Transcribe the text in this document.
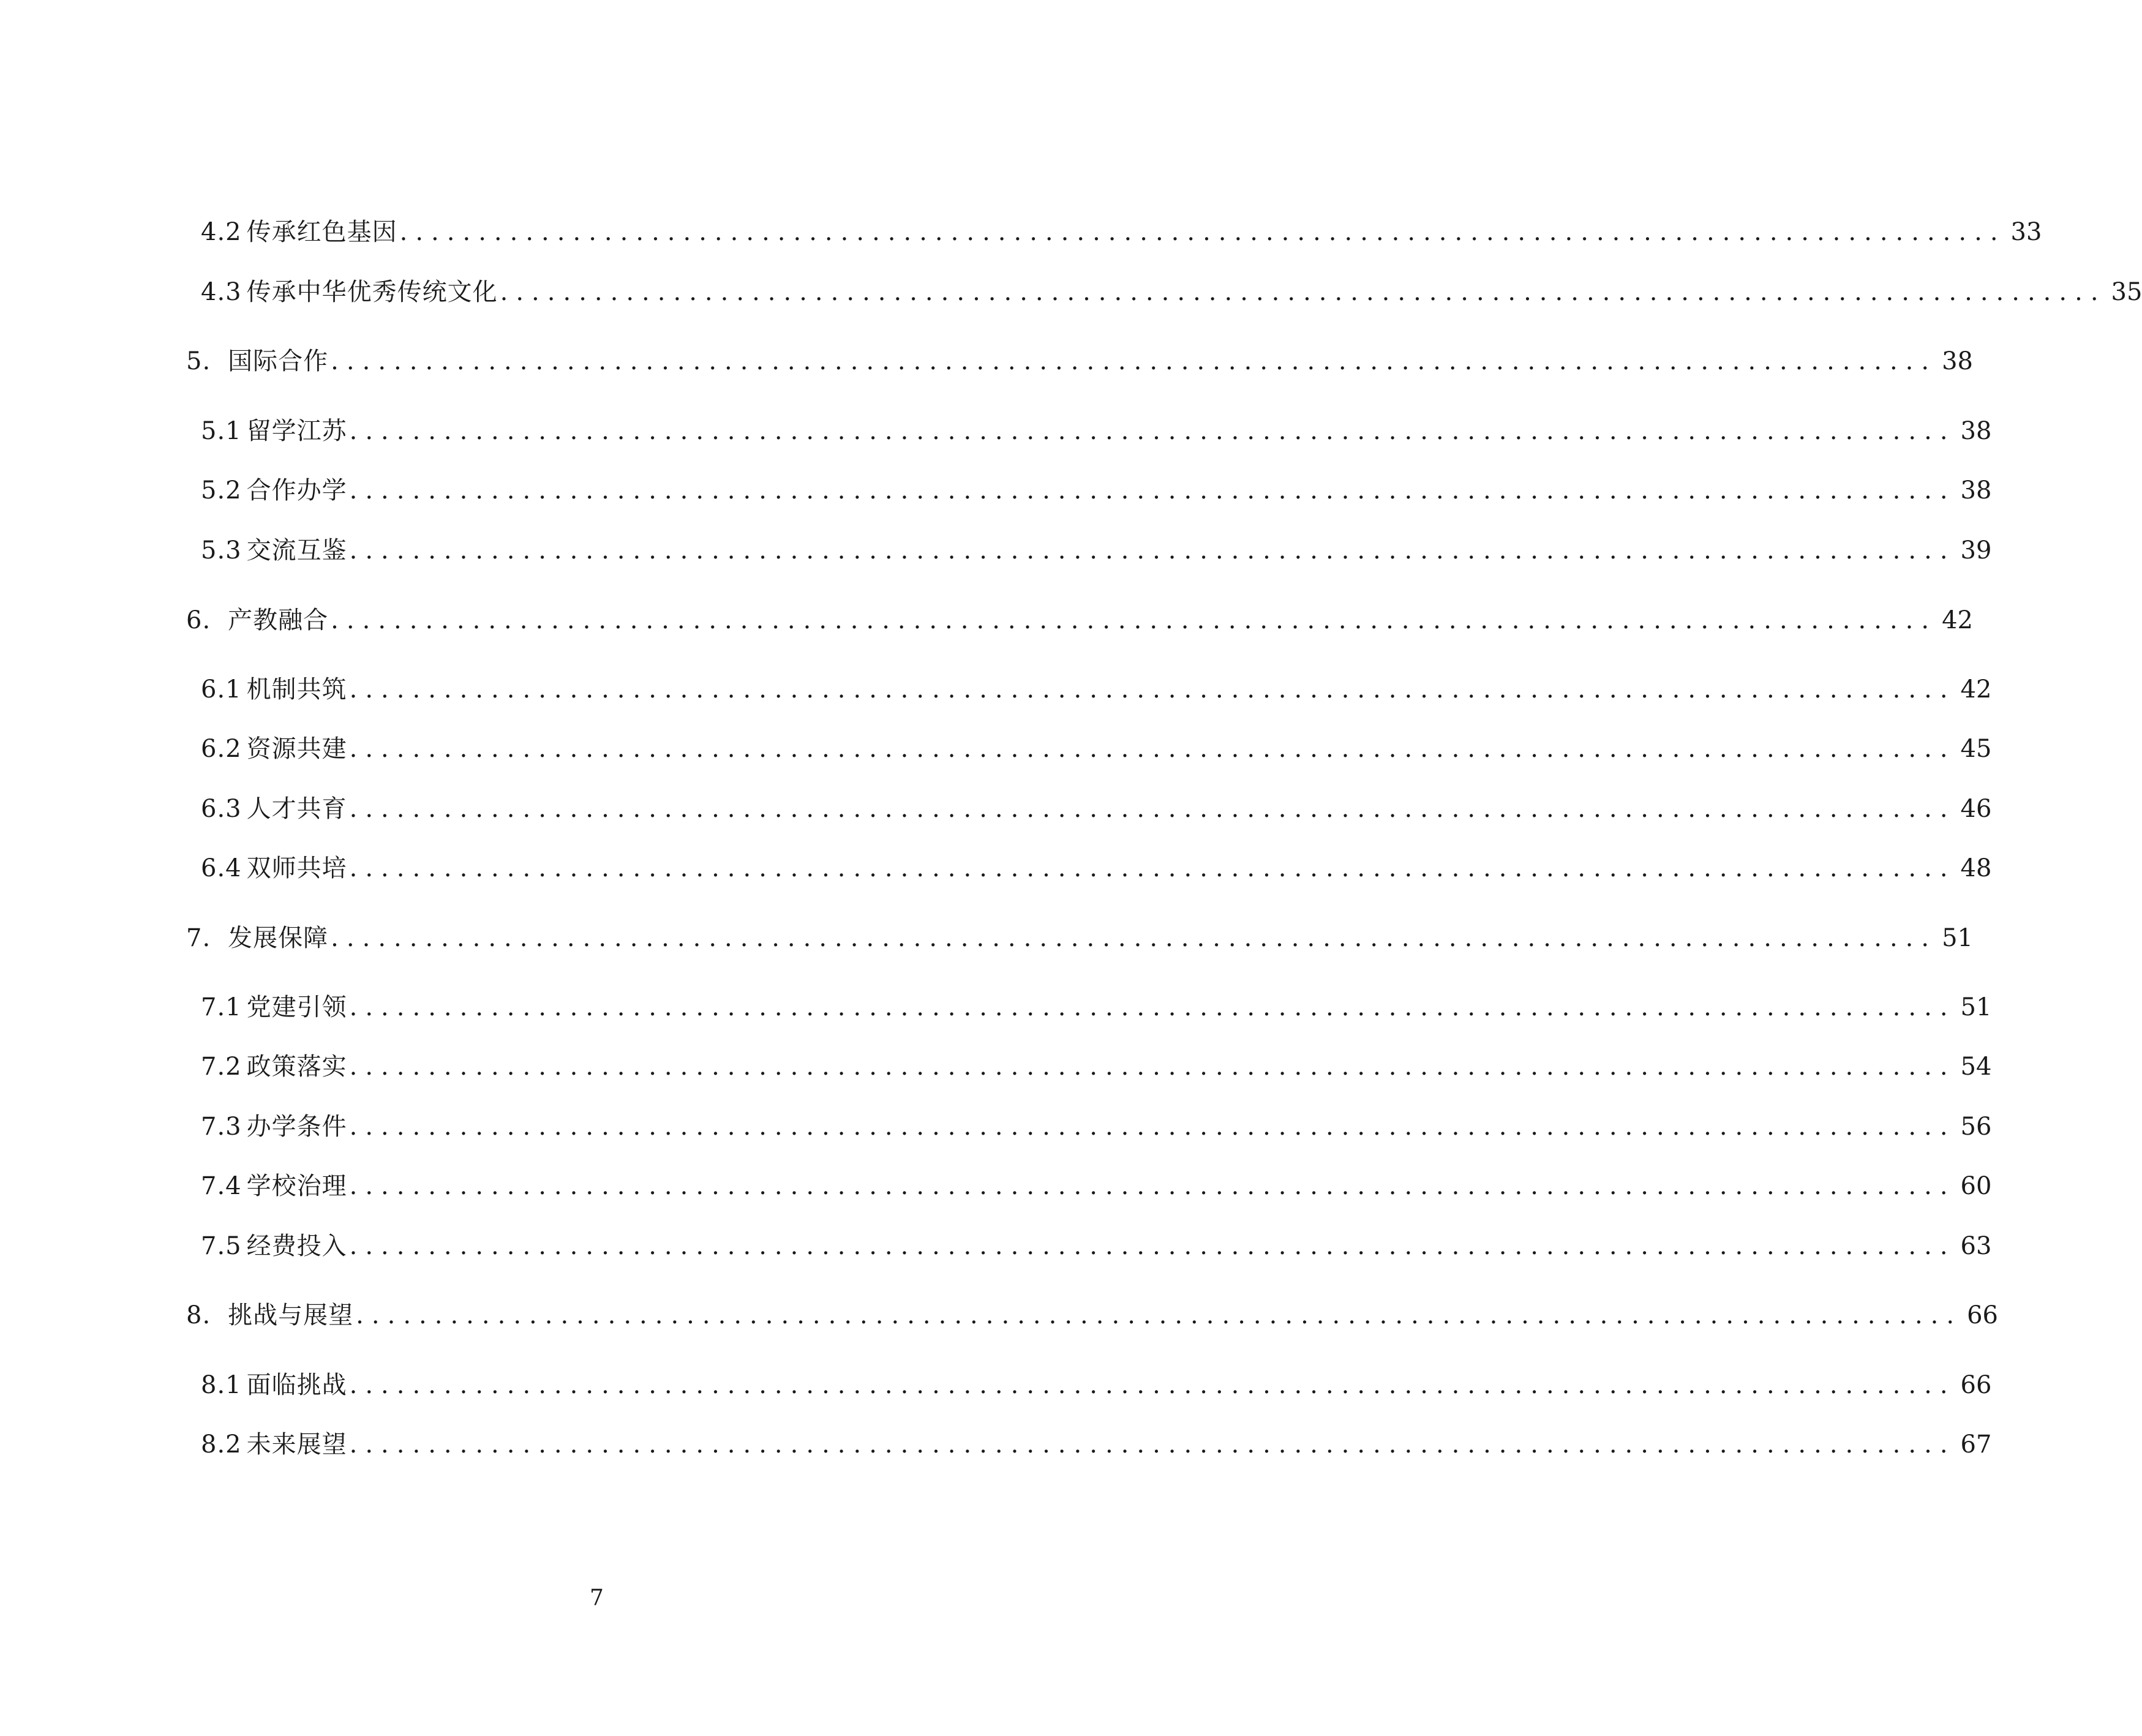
4.2 传承红色基因 ...................................................................................................... 33
4.3 传承中华优秀传统文化 ...................................................................................................... 35
5. 国际合作 ...................................................................................................... 38
5.1 留学江苏 ...................................................................................................... 38
5.2 合作办学 ...................................................................................................... 38
5.3 交流互鉴 ...................................................................................................... 39
6. 产教融合 ...................................................................................................... 42
6.1 机制共筑 ...................................................................................................... 42
6.2 资源共建 ...................................................................................................... 45
6.3 人才共育 ...................................................................................................... 46
6.4 双师共培 ...................................................................................................... 48
7. 发展保障 ...................................................................................................... 51
7.1 党建引领 ...................................................................................................... 51
7.2 政策落实 ...................................................................................................... 54
7.3 办学条件 ...................................................................................................... 56
7.4 学校治理 ...................................................................................................... 60
7.5 经费投入 ...................................................................................................... 63
8. 挑战与展望 ...................................................................................................... 66
8.1 面临挑战 ...................................................................................................... 66
8.2 未来展望 ...................................................................................................... 67
7
